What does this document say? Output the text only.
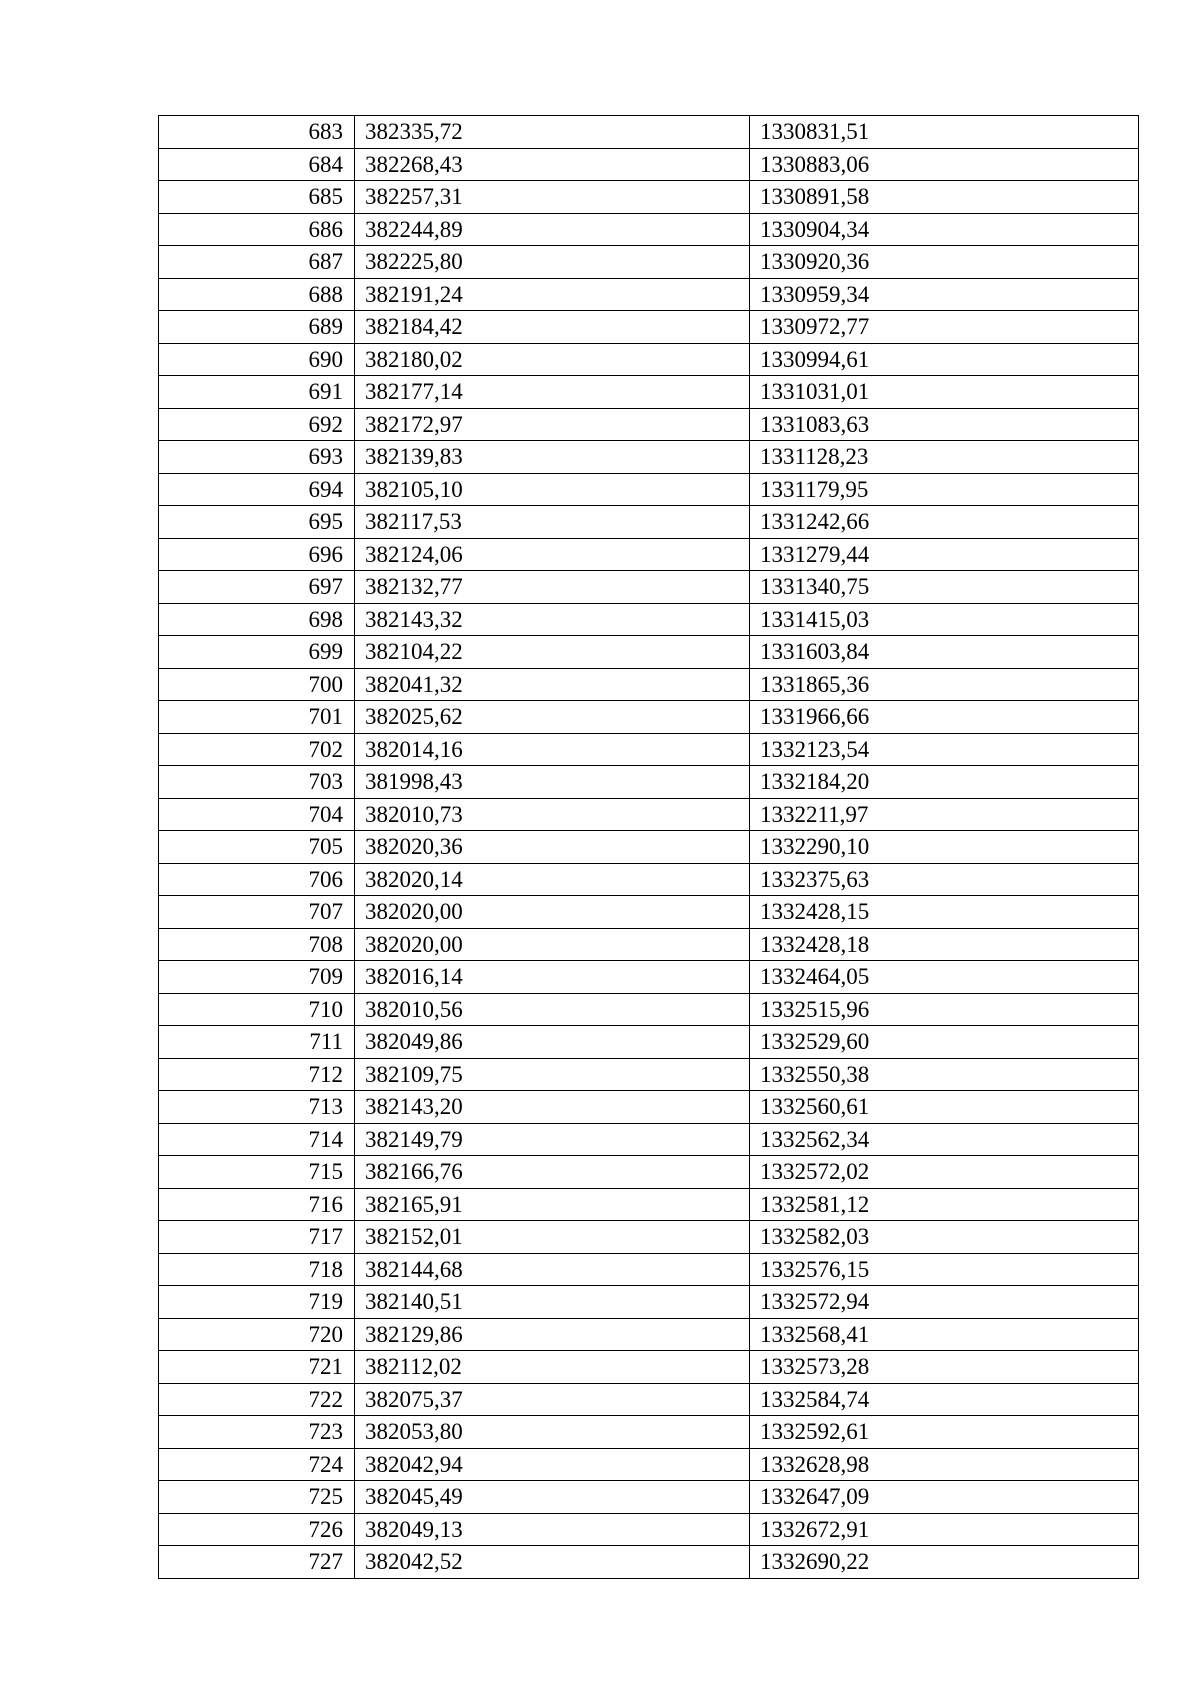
683	382335,72	1330831,51
684	382268,43	1330883,06
685	382257,31	1330891,58
686	382244,89	1330904,34
687	382225,80	1330920,36
688	382191,24	1330959,34
689	382184,42	1330972,77
690	382180,02	1330994,61
691	382177,14	1331031,01
692	382172,97	1331083,63
693	382139,83	1331128,23
694	382105,10	1331179,95
695	382117,53	1331242,66
696	382124,06	1331279,44
697	382132,77	1331340,75
698	382143,32	1331415,03
699	382104,22	1331603,84
700	382041,32	1331865,36
701	382025,62	1331966,66
702	382014,16	1332123,54
703	381998,43	1332184,20
704	382010,73	1332211,97
705	382020,36	1332290,10
706	382020,14	1332375,63
707	382020,00	1332428,15
708	382020,00	1332428,18
709	382016,14	1332464,05
710	382010,56	1332515,96
711	382049,86	1332529,60
712	382109,75	1332550,38
713	382143,20	1332560,61
714	382149,79	1332562,34
715	382166,76	1332572,02
716	382165,91	1332581,12
717	382152,01	1332582,03
718	382144,68	1332576,15
719	382140,51	1332572,94
720	382129,86	1332568,41
721	382112,02	1332573,28
722	382075,37	1332584,74
723	382053,80	1332592,61
724	382042,94	1332628,98
725	382045,49	1332647,09
726	382049,13	1332672,91
727	382042,52	1332690,22
